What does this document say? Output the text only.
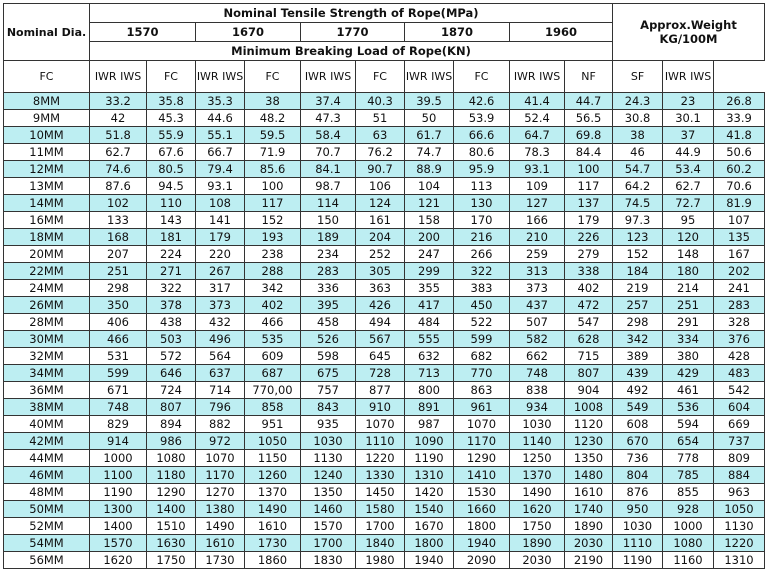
Nominal Dia.	Nominal Tensile Strength of Rope(MPa)										Approx.Weight KG/100M		
	1570		1670		1770		1870		1960				
	Minimum Breaking Load of Rope(KN)												
FC	IWR IWS	FC	IWR IWS	FC	IWR IWS	FC	IWR IWS	FC	IWR IWS	NF	SF	IWR IWS	
8MM	33.2	35.8	35.3	38	37.4	40.3	39.5	42.6	41.4	44.7	24.3	23	26.8
9MM	42	45.3	44.6	48.2	47.3	51	50	53.9	52.4	56.5	30.8	30.1	33.9
10MM	51.8	55.9	55.1	59.5	58.4	63	61.7	66.6	64.7	69.8	38	37	41.8
11MM	62.7	67.6	66.7	71.9	70.7	76.2	74.7	80.6	78.3	84.4	46	44.9	50.6
12MM	74.6	80.5	79.4	85.6	84.1	90.7	88.9	95.9	93.1	100	54.7	53.4	60.2
13MM	87.6	94.5	93.1	100	98.7	106	104	113	109	117	64.2	62.7	70.6
14MM	102	110	108	117	114	124	121	130	127	137	74.5	72.7	81.9
16MM	133	143	141	152	150	161	158	170	166	179	97.3	95	107
18MM	168	181	179	193	189	204	200	216	210	226	123	120	135
20MM	207	224	220	238	234	252	247	266	259	279	152	148	167
22MM	251	271	267	288	283	305	299	322	313	338	184	180	202
24MM	298	322	317	342	336	363	355	383	373	402	219	214	241
26MM	350	378	373	402	395	426	417	450	437	472	257	251	283
28MM	406	438	432	466	458	494	484	522	507	547	298	291	328
30MM	466	503	496	535	526	567	555	599	582	628	342	334	376
32MM	531	572	564	609	598	645	632	682	662	715	389	380	428
34MM	599	646	637	687	675	728	713	770	748	807	439	429	483
36MM	671	724	714	770,00	757	877	800	863	838	904	492	461	542
38MM	748	807	796	858	843	910	891	961	934	1008	549	536	604
40MM	829	894	882	951	935	1070	987	1070	1030	1120	608	594	669
42MM	914	986	972	1050	1030	1110	1090	1170	1140	1230	670	654	737
44MM	1000	1080	1070	1150	1130	1220	1190	1290	1250	1350	736	778	809
46MM	1100	1180	1170	1260	1240	1330	1310	1410	1370	1480	804	785	884
48MM	1190	1290	1270	1370	1350	1450	1420	1530	1490	1610	876	855	963
50MM	1300	1400	1380	1490	1460	1580	1540	1660	1620	1740	950	928	1050
52MM	1400	1510	1490	1610	1570	1700	1670	1800	1750	1890	1030	1000	1130
54MM	1570	1630	1610	1730	1700	1840	1800	1940	1890	2030	1110	1080	1220
56MM	1620	1750	1730	1860	1830	1980	1940	2090	2030	2190	1190	1160	1310
